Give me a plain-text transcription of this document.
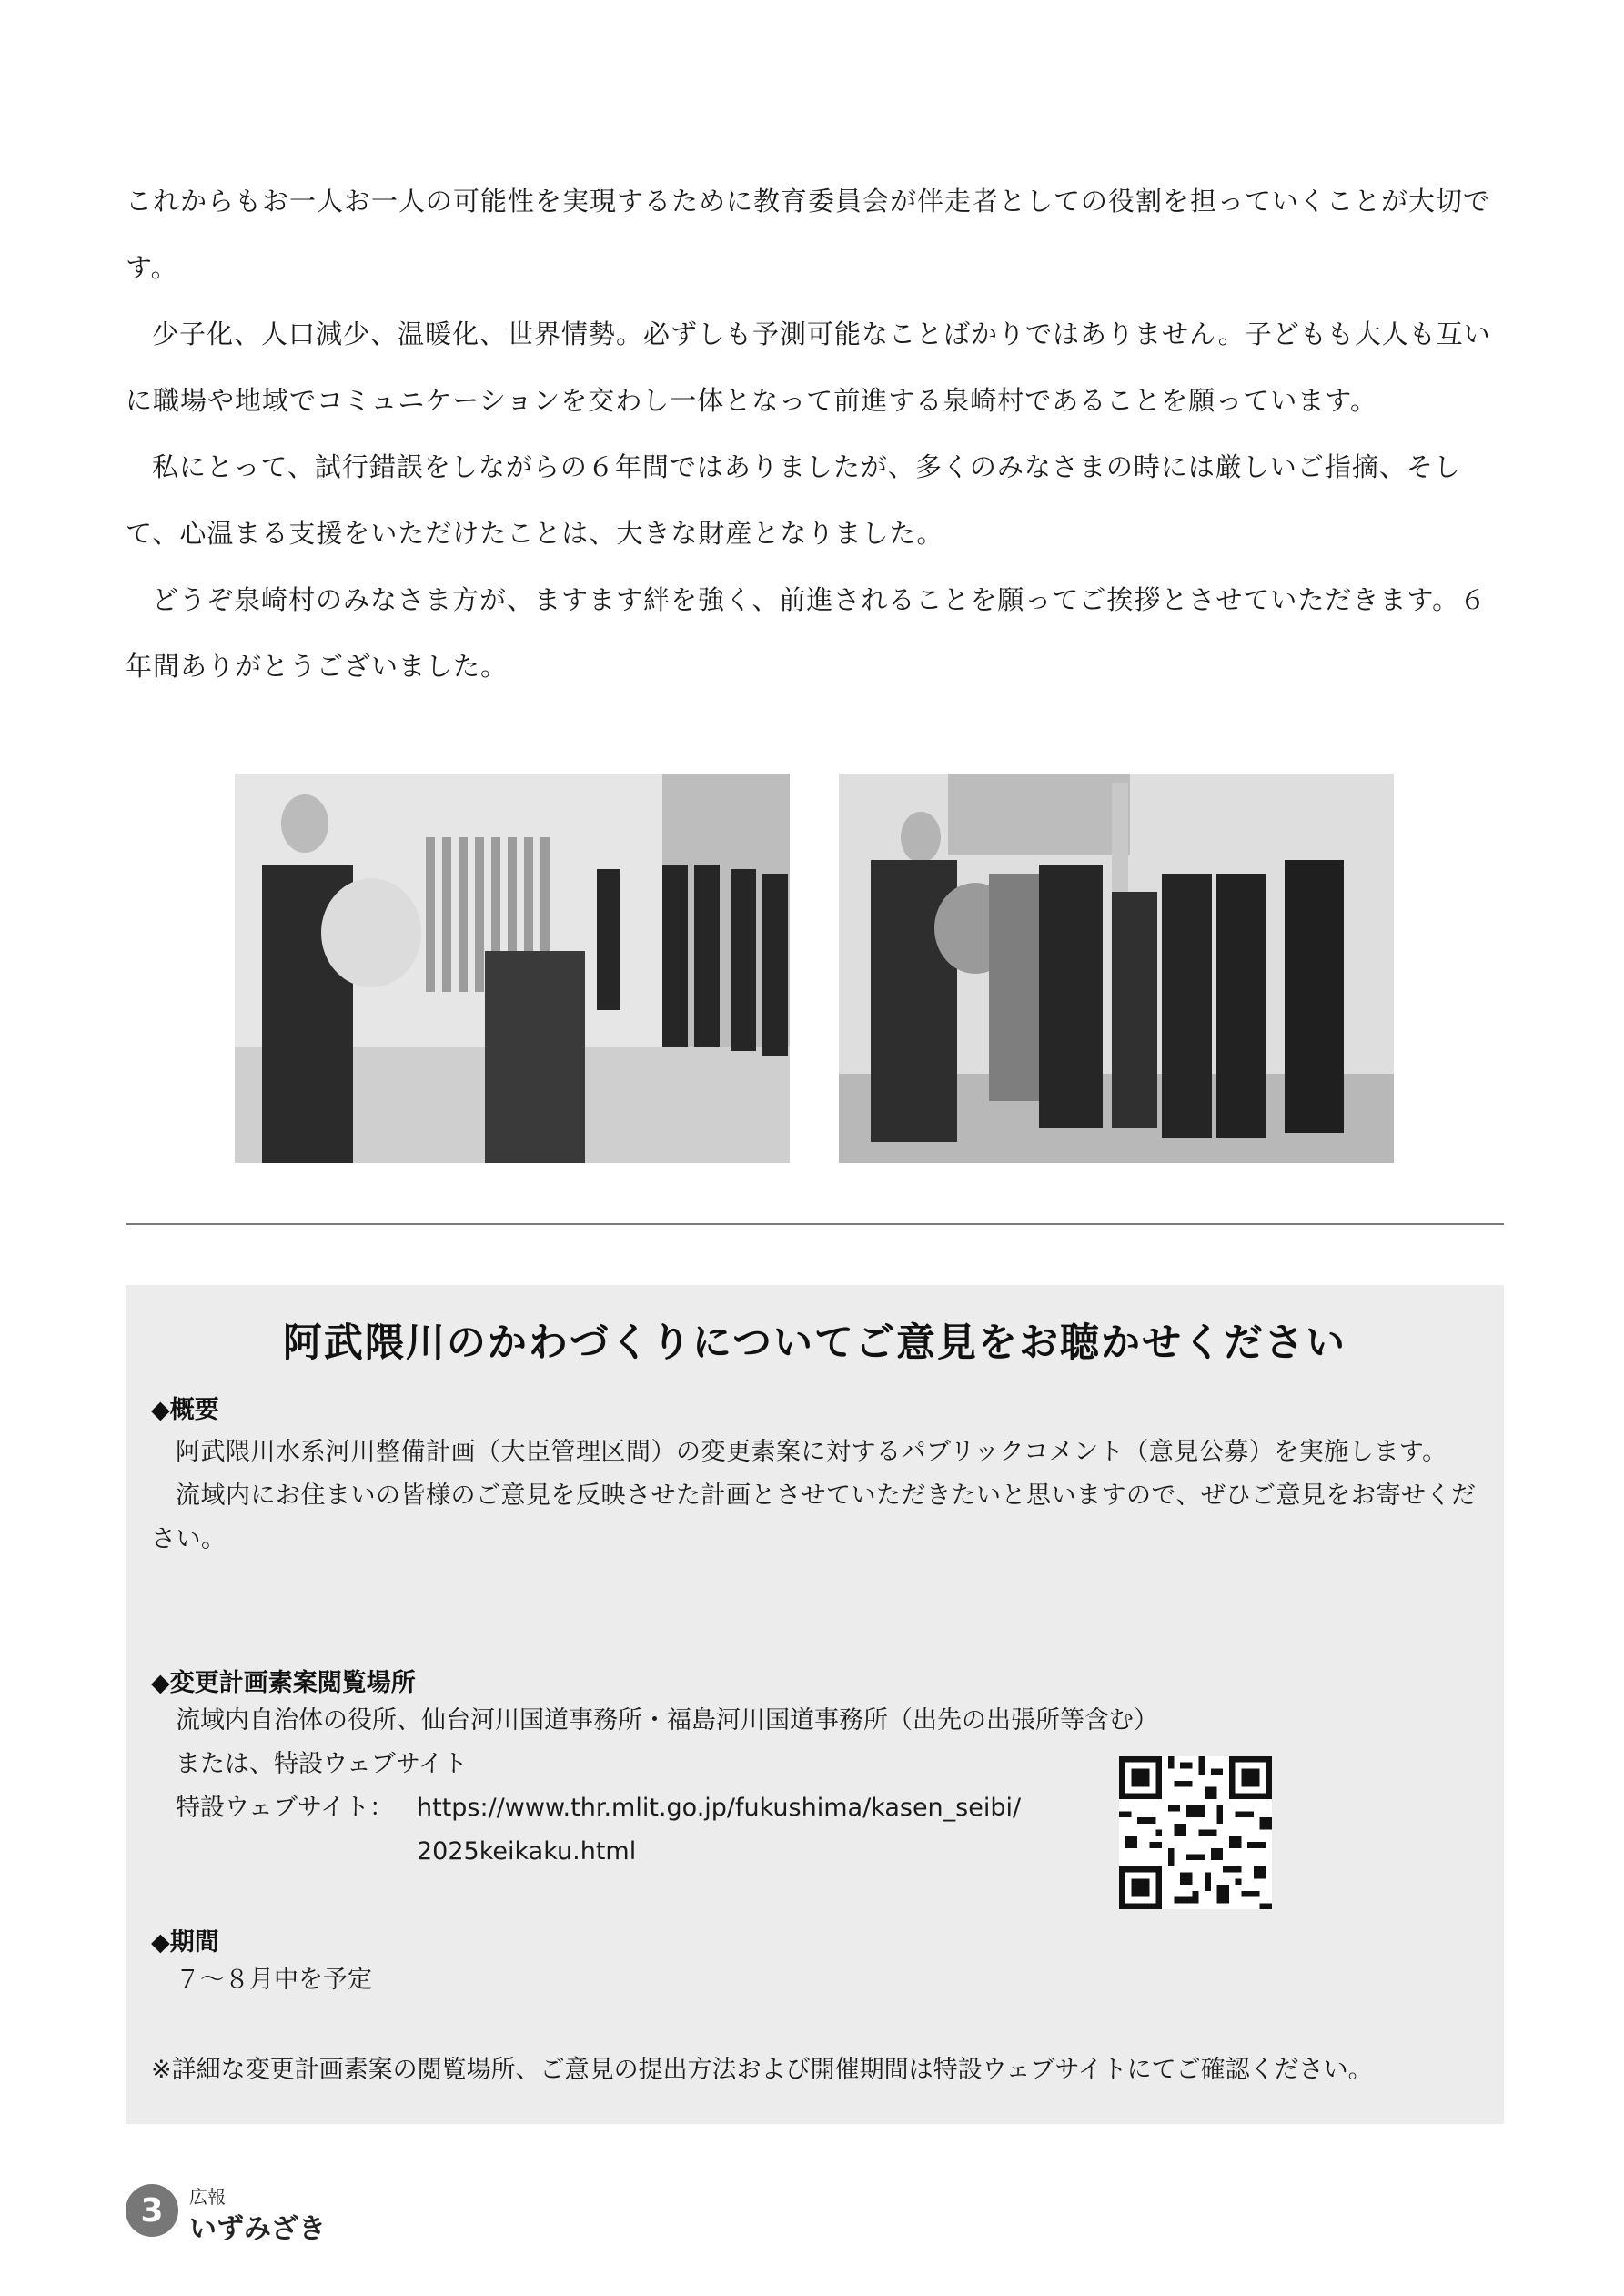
これからもお一人お一人の可能性を実現するために教育委員会が伴走者としての役割を担っていくことが大切です。

少子化、人口減少、温暖化、世界情勢。必ずしも予測可能なことばかりではありません。子どもも大人も互いに職場や地域でコミュニケーションを交わし一体となって前進する泉崎村であることを願っています。

私にとって、試行錯誤をしながらの６年間ではありましたが、多くのみなさまの時には厳しいご指摘、そして、心温まる支援をいただけたことは、大きな財産となりました。

どうぞ泉崎村のみなさま方が、ますます絆を強く、前進されることを願ってご挨拶とさせていただきます。６年間ありがとうございました。

阿武隈川のかわづくりについてご意見をお聴かせください
◆概要

阿武隈川水系河川整備計画（大臣管理区間）の変更素案に対するパブリックコメント（意見公募）を実施します。

流域内にお住まいの皆様のご意見を反映させた計画とさせていただきたいと思いますので、ぜひご意見をお寄せください。

◆変更計画素案閲覧場所
流域内自治体の役所、仙台河川国道事務所・福島河川国道事務所（出先の出張所等含む）
または、特設ウェブサイト
特設ウェブサイト： https://www.thr.mlit.go.jp/fukushima/kasen_seibi/
2025keikaku.html
◆期間
７～８月中を予定
※詳細な変更計画素案の閲覧場所、ご意見の提出方法および開催期間は特設ウェブサイトにてご確認ください。
3	広報
いずみざき
